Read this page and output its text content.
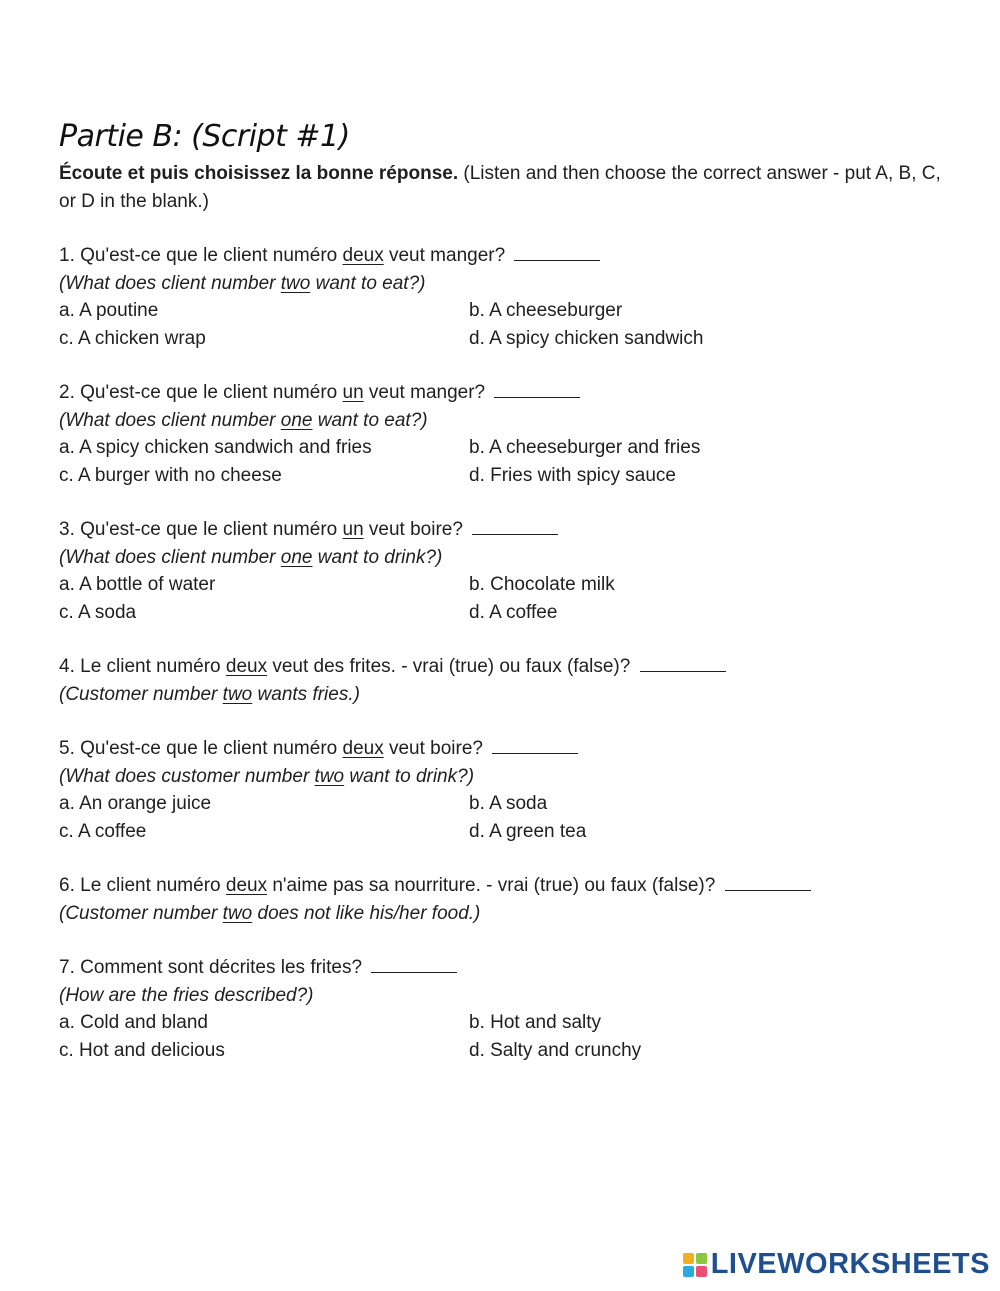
Partie B: (Script #1)

Écoute et puis choisissez la bonne réponse. (Listen and then choose the correct answer - put A, B, C, or D in the blank.)

1. Qu'est-ce que le client numéro deux veut manger?
(What does client number two want to eat?)
a. A poutine	b. A cheeseburger
c. A chicken wrap	d. A spicy chicken sandwich
2. Qu'est-ce que le client numéro un veut manger?
(What does client number one want to eat?)
a. A spicy chicken sandwich and fries	b. A cheeseburger and fries
c. A burger with no cheese	d. Fries with spicy sauce
3. Qu'est-ce que le client numéro un veut boire?
(What does client number one want to drink?)
a. A bottle of water	b. Chocolate milk
c. A soda	d. A coffee
4. Le client numéro deux veut des frites. - vrai (true) ou faux (false)?
(Customer number two wants fries.)
5. Qu'est-ce que le client numéro deux veut boire?
(What does customer number two want to drink?)
a. An orange juice	b. A soda
c. A coffee	d. A green tea
6. Le client numéro deux n'aime pas sa nourriture. - vrai (true) ou faux (false)?
(Customer number two does not like his/her food.)
7. Comment sont décrites les frites?
(How are the fries described?)
a. Cold and bland	b. Hot and salty
c. Hot and delicious	d. Salty and crunchy
LIVEWORKSHEETS
